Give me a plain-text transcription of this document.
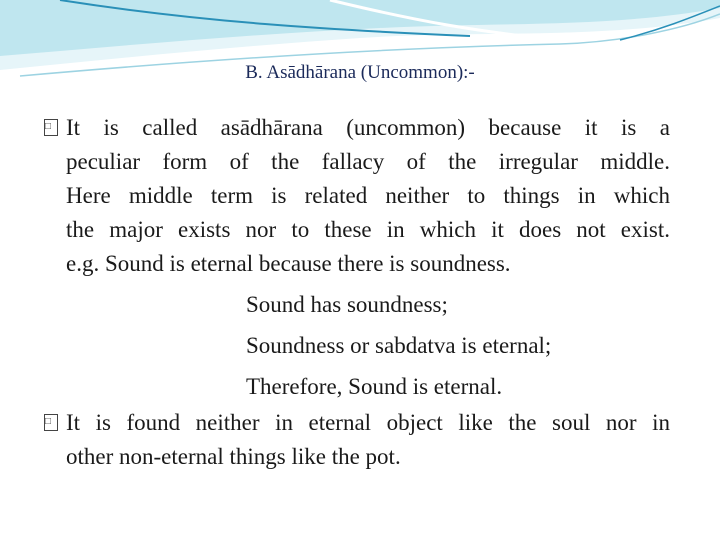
B. Asādhārana (Uncommon):-
□ It is called asādhārana (uncommon) because it is a
peculiar form of the fallacy of the irregular middle.
Here middle term is related neither to things in which
the major exists nor to these in which it does not exist.
e.g. Sound is eternal because there is soundness.
Sound has soundness;
Soundness or sabdatva is eternal;
Therefore, Sound is eternal.
□ It is found neither in eternal object like the soul nor in
other non-eternal things like the pot.
